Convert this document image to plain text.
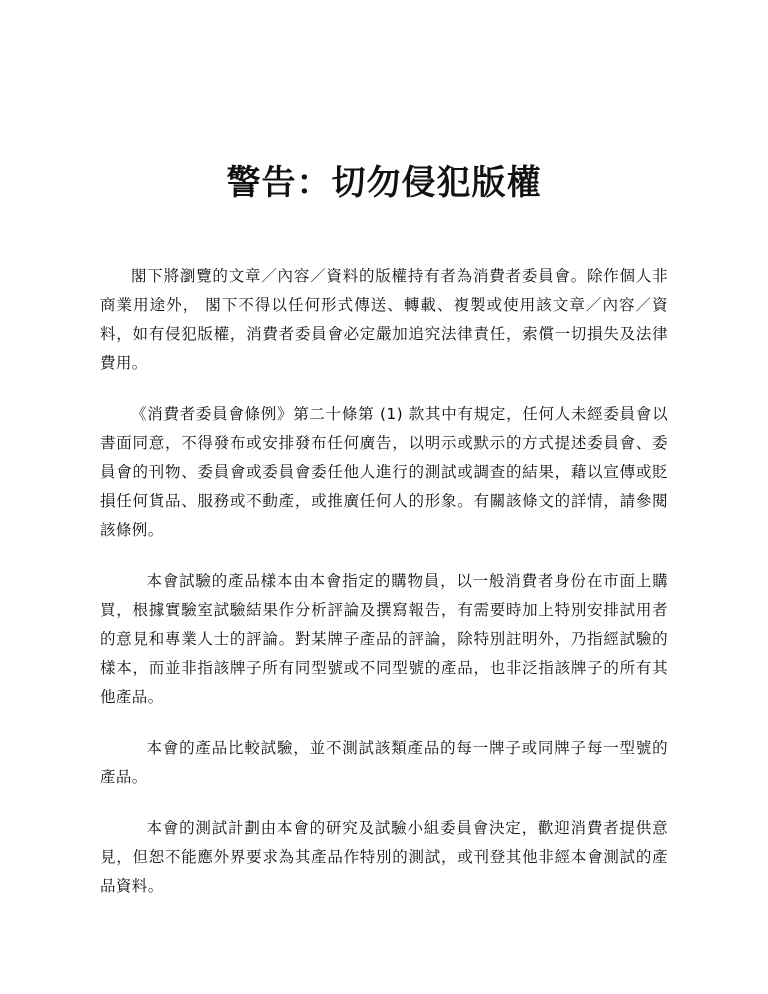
警告：切勿侵犯版權

閣下將瀏覽的文章／內容／資料的版權持有者為消費者委員會。除作個人非商業用途外， 閣下不得以任何形式傳送、轉載、複製或使用該文章／內容／資料，如有侵犯版權，消費者委員會必定嚴加追究法律責任，索償一切損失及法律費用。

《消費者委員會條例》第二十條第 (1) 款其中有規定，任何人未經委員會以書面同意，不得發布或安排發布任何廣告，以明示或默示的方式提述委員會、委員會的刊物、委員會或委員會委任他人進行的測試或調查的結果，藉以宣傳或貶損任何貨品、服務或不動產，或推廣任何人的形象。有關該條文的詳情，請參閱該條例。

本會試驗的產品樣本由本會指定的購物員，以一般消費者身份在市面上購買，根據實驗室試驗結果作分析評論及撰寫報告，有需要時加上特別安排試用者的意見和專業人士的評論。對某牌子產品的評論，除特別註明外，乃指經試驗的樣本，而並非指該牌子所有同型號或不同型號的產品，也非泛指該牌子的所有其他產品。

本會的產品比較試驗，並不測試該類產品的每一牌子或同牌子每一型號的產品。

本會的測試計劃由本會的研究及試驗小組委員會決定，歡迎消費者提供意見，但恕不能應外界要求為其產品作特別的測試，或刊登其他非經本會測試的產品資料。
